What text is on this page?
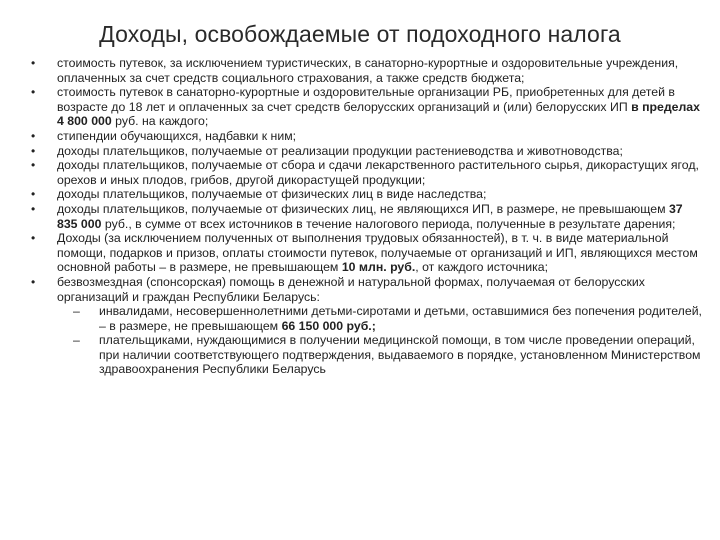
Доходы, освобождаемые от подоходного налога
•	стоимость путевок, за исключением туристических, в санаторно-курортные и оздоровительные учреждения, оплаченных за счет средств социального страхования, а также средств бюджета;
•	стоимость путевок в санаторно-курортные и оздоровительные организации РБ, приобретенных для детей в возрасте до 18 лет и оплаченных за счет средств белорусских организаций и (или) белорусских ИП в пределах 4 800 000 руб. на каждого;
•	стипендии обучающихся, надбавки к ним;
•	доходы плательщиков, получаемые от реализации продукции растениеводства и животноводства;
•	доходы плательщиков, получаемые от сбора и сдачи лекарственного растительного сырья, дикорастущих ягод, орехов и иных плодов, грибов, другой дикорастущей продукции;
•	доходы плательщиков, получаемые от физических лиц в виде наследства;
•	доходы плательщиков, получаемые от физических лиц, не являющихся ИП, в размере, не превышающем 37 835 000 руб., в сумме от всех источников в течение налогового периода, полученные в результате дарения;
•	Доходы (за исключением полученных от выполнения трудовых обязанностей), в т. ч. в виде материальной помощи, подарков и призов, оплаты стоимости путевок, получаемые от организаций и ИП, являющихся местом основной работы – в размере, не превышающем 10 млн. руб., от каждого источника;
•	безвозмездная (спонсорская) помощь в денежной и натуральной формах, получаемая от белорусских организаций и граждан Республики Беларусь:
– инвалидами, несовершеннолетними детьми-сиротами и детьми, оставшимися без попечения родителей, – в размере, не превышающем 66 150 000 руб.;
– плательщиками, нуждающимися в получении медицинской помощи, в том числе проведении операций, при наличии соответствующего подтверждения, выдаваемого в порядке, установленном Министерством здравоохранения Республики Беларусь
